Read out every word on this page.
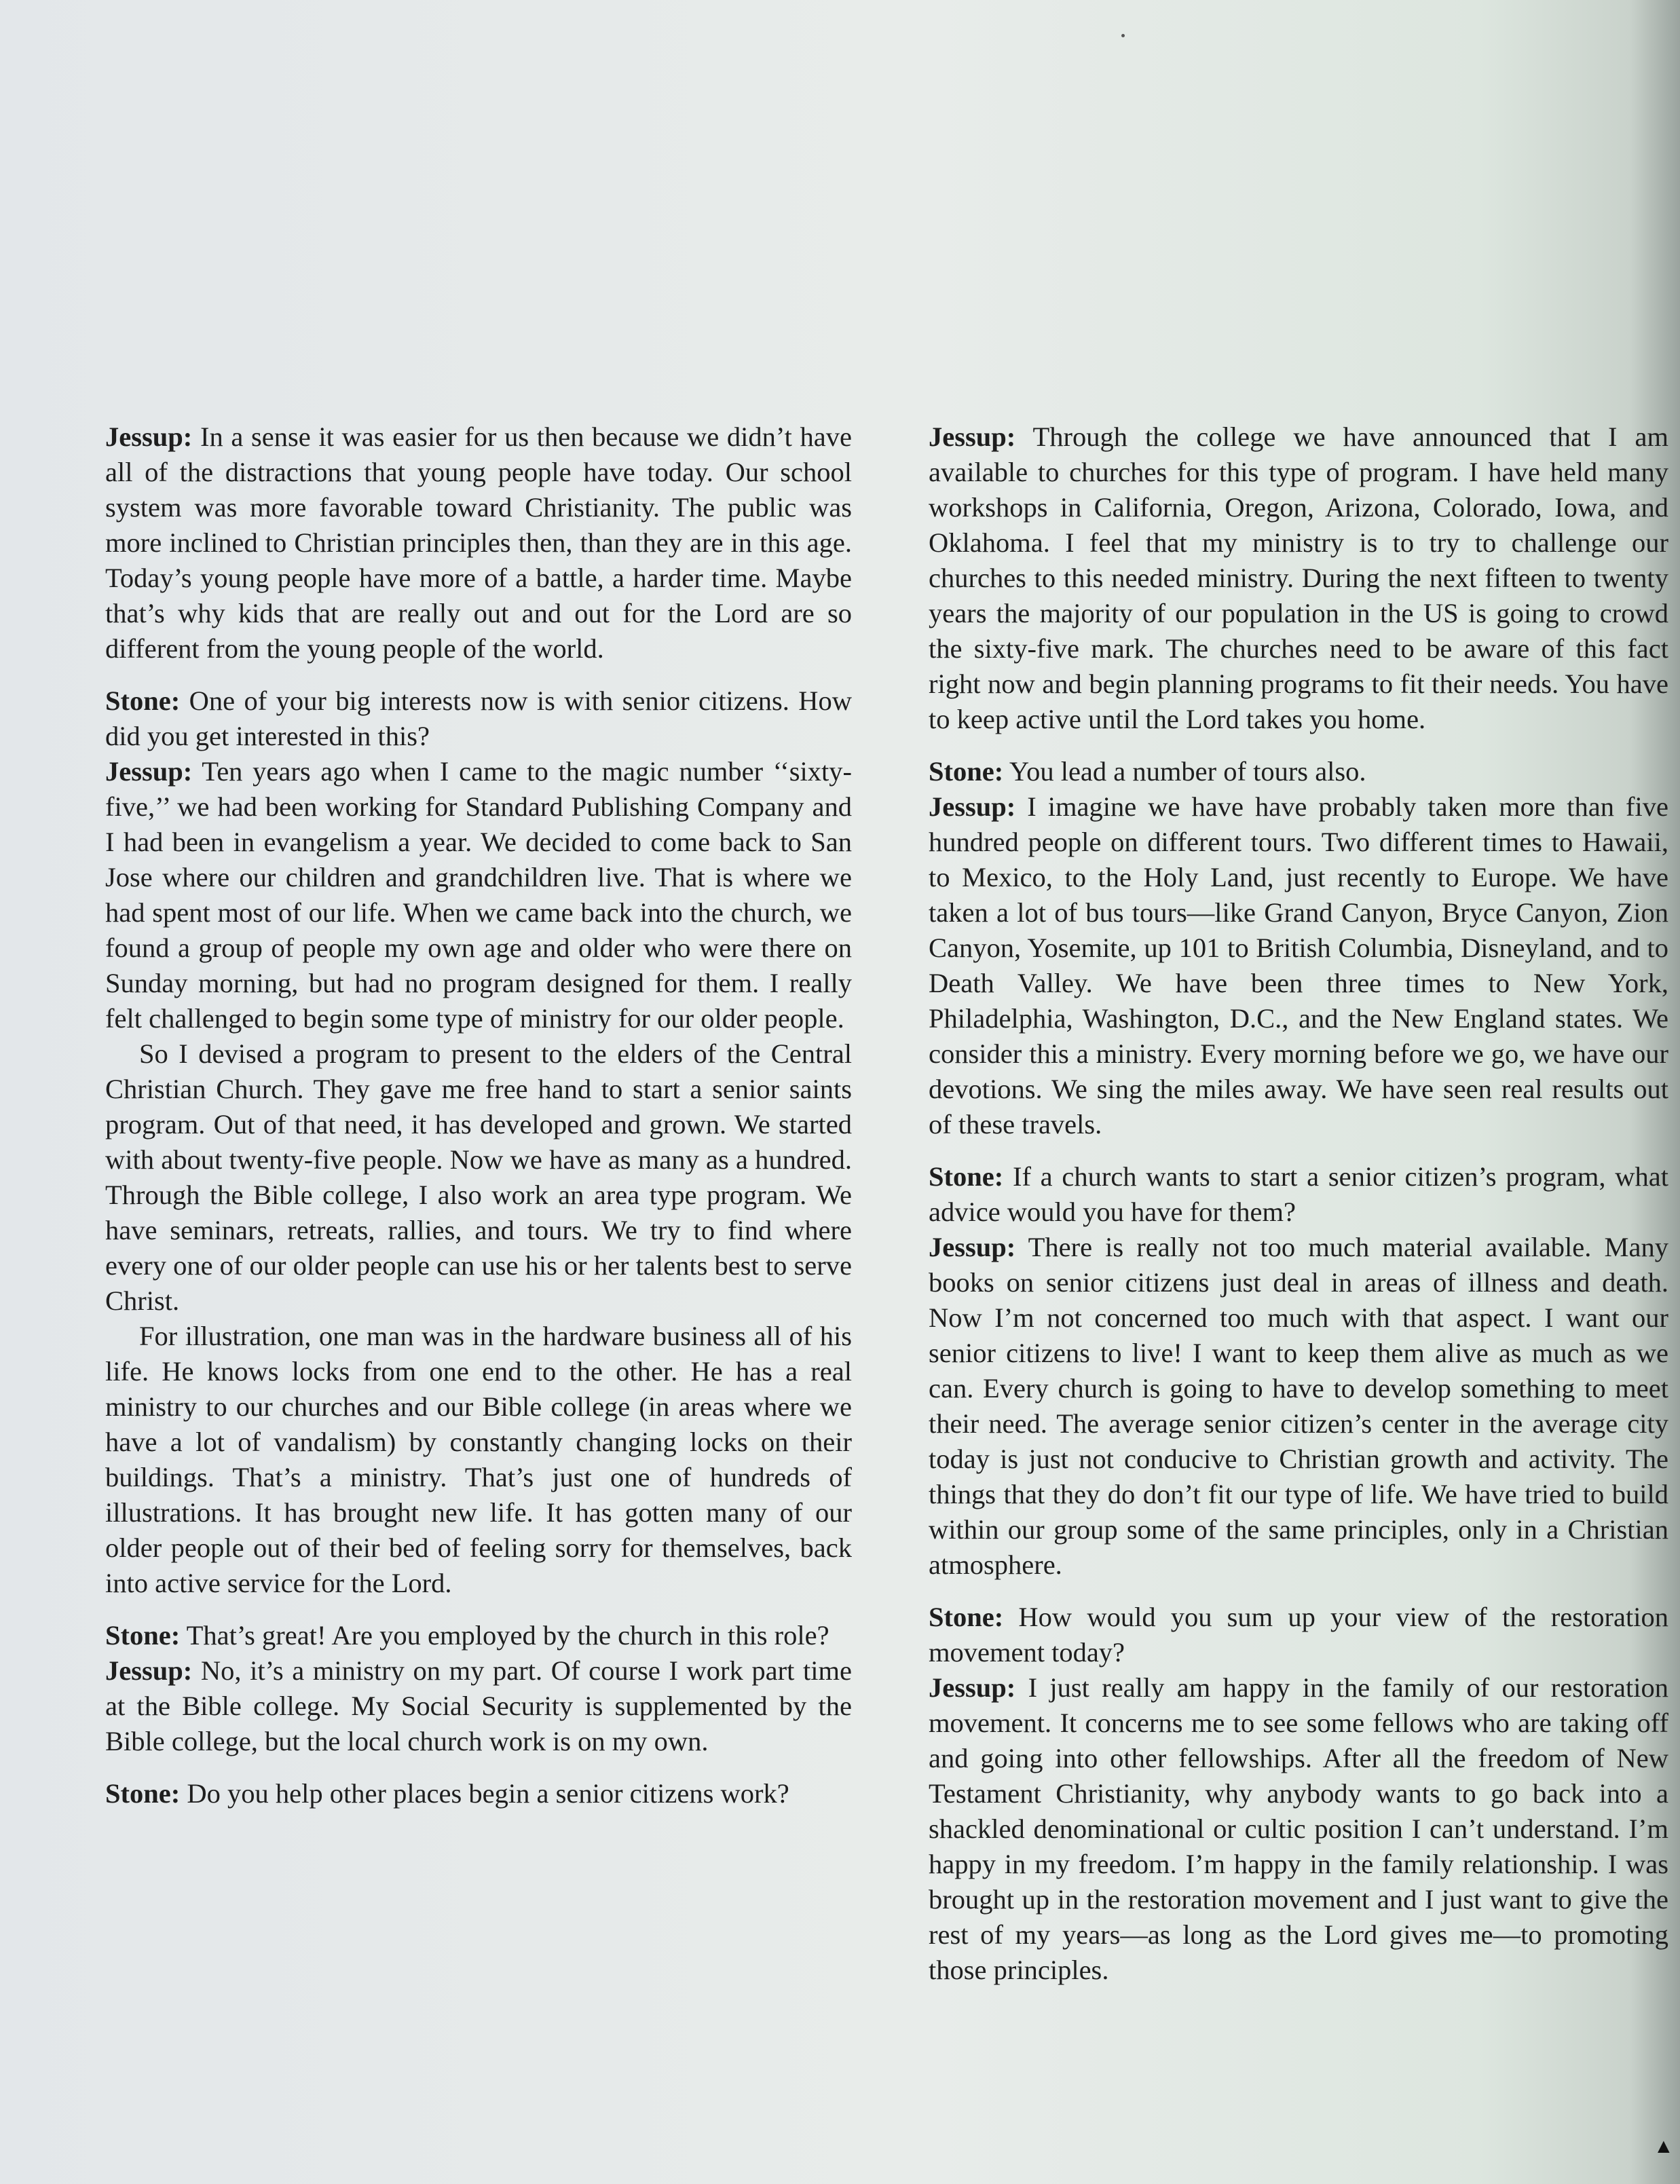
Jessup: In a sense it was easier for us then because we didn’t have all of the distractions that young people have today. Our school system was more favorable toward Christianity. The public was more inclined to Christian principles then, than they are in this age. Today’s young people have more of a battle, a harder time. Maybe that’s why kids that are really out and out for the Lord are so different from the young people of the world.

Stone: One of your big interests now is with senior citizens. How did you get interested in this?

Jessup: Ten years ago when I came to the magic number ‘‘sixty-five,’’ we had been working for Standard Publishing Company and I had been in evangelism a year. We decided to come back to San Jose where our children and grandchildren live. That is where we had spent most of our life. When we came back into the church, we found a group of people my own age and older who were there on Sunday morning, but had no program designed for them. I really felt challenged to begin some type of ministry for our older people.

So I devised a program to present to the elders of the Central Christian Church. They gave me free hand to start a senior saints program. Out of that need, it has developed and grown. We started with about twenty-five people. Now we have as many as a hundred. Through the Bible college, I also work an area type program. We have seminars, retreats, rallies, and tours. We try to find where every one of our older people can use his or her talents best to serve Christ.

For illustration, one man was in the hardware business all of his life. He knows locks from one end to the other. He has a real ministry to our churches and our Bible college (in areas where we have a lot of vandalism) by constantly changing locks on their buildings. That’s a ministry. That’s just one of hundreds of illustrations. It has brought new life. It has gotten many of our older people out of their bed of feeling sorry for themselves, back into active service for the Lord.

Stone: That’s great! Are you employed by the church in this role?

Jessup: No, it’s a ministry on my part. Of course I work part time at the Bible college. My Social Security is supplemented by the Bible college, but the local church work is on my own.

Stone: Do you help other places begin a senior citizens work?

Jessup: Through the college we have announced that I am available to churches for this type of program. I have held many workshops in California, Oregon, Arizona, Colorado, Iowa, and Oklahoma. I feel that my ministry is to try to challenge our churches to this needed ministry. During the next fifteen to twenty years the majority of our population in the US is going to crowd the sixty-five mark. The churches need to be aware of this fact right now and begin planning programs to fit their needs. You have to keep active until the Lord takes you home.

Stone: You lead a number of tours also.

Jessup: I imagine we have have probably taken more than five hundred people on different tours. Two different times to Hawaii, to Mexico, to the Holy Land, just recently to Europe. We have taken a lot of bus tours—like Grand Canyon, Bryce Canyon, Zion Canyon, Yosemite, up 101 to British Columbia, Disneyland, and to Death Valley. We have been three times to New York, Philadelphia, Washington, D.C., and the New England states. We consider this a ministry. Every morning before we go, we have our devotions. We sing the miles away. We have seen real results out of these travels.

Stone: If a church wants to start a senior citizen’s program, what advice would you have for them?

Jessup: There is really not too much material available. Many books on senior citizens just deal in areas of illness and death. Now I’m not concerned too much with that aspect. I want our senior citizens to live! I want to keep them alive as much as we can. Every church is going to have to develop something to meet their need. The average senior citizen’s center in the average city today is just not conducive to Christian growth and activity. The things that they do don’t fit our type of life. We have tried to build within our group some of the same principles, only in a Christian atmosphere.

Stone: How would you sum up your view of the restoration movement today?

Jessup: I just really am happy in the family of our restoration movement. It concerns me to see some fellows who are taking off and going into other fellowships. After all the freedom of New Testament Christianity, why anybody wants to go back into a shackled denominational or cultic position I can’t understand. I’m happy in my freedom. I’m happy in the family relationship. I was brought up in the restoration movement and I just want to give the rest of my years—as long as the Lord gives me—to promoting those principles.

▲
